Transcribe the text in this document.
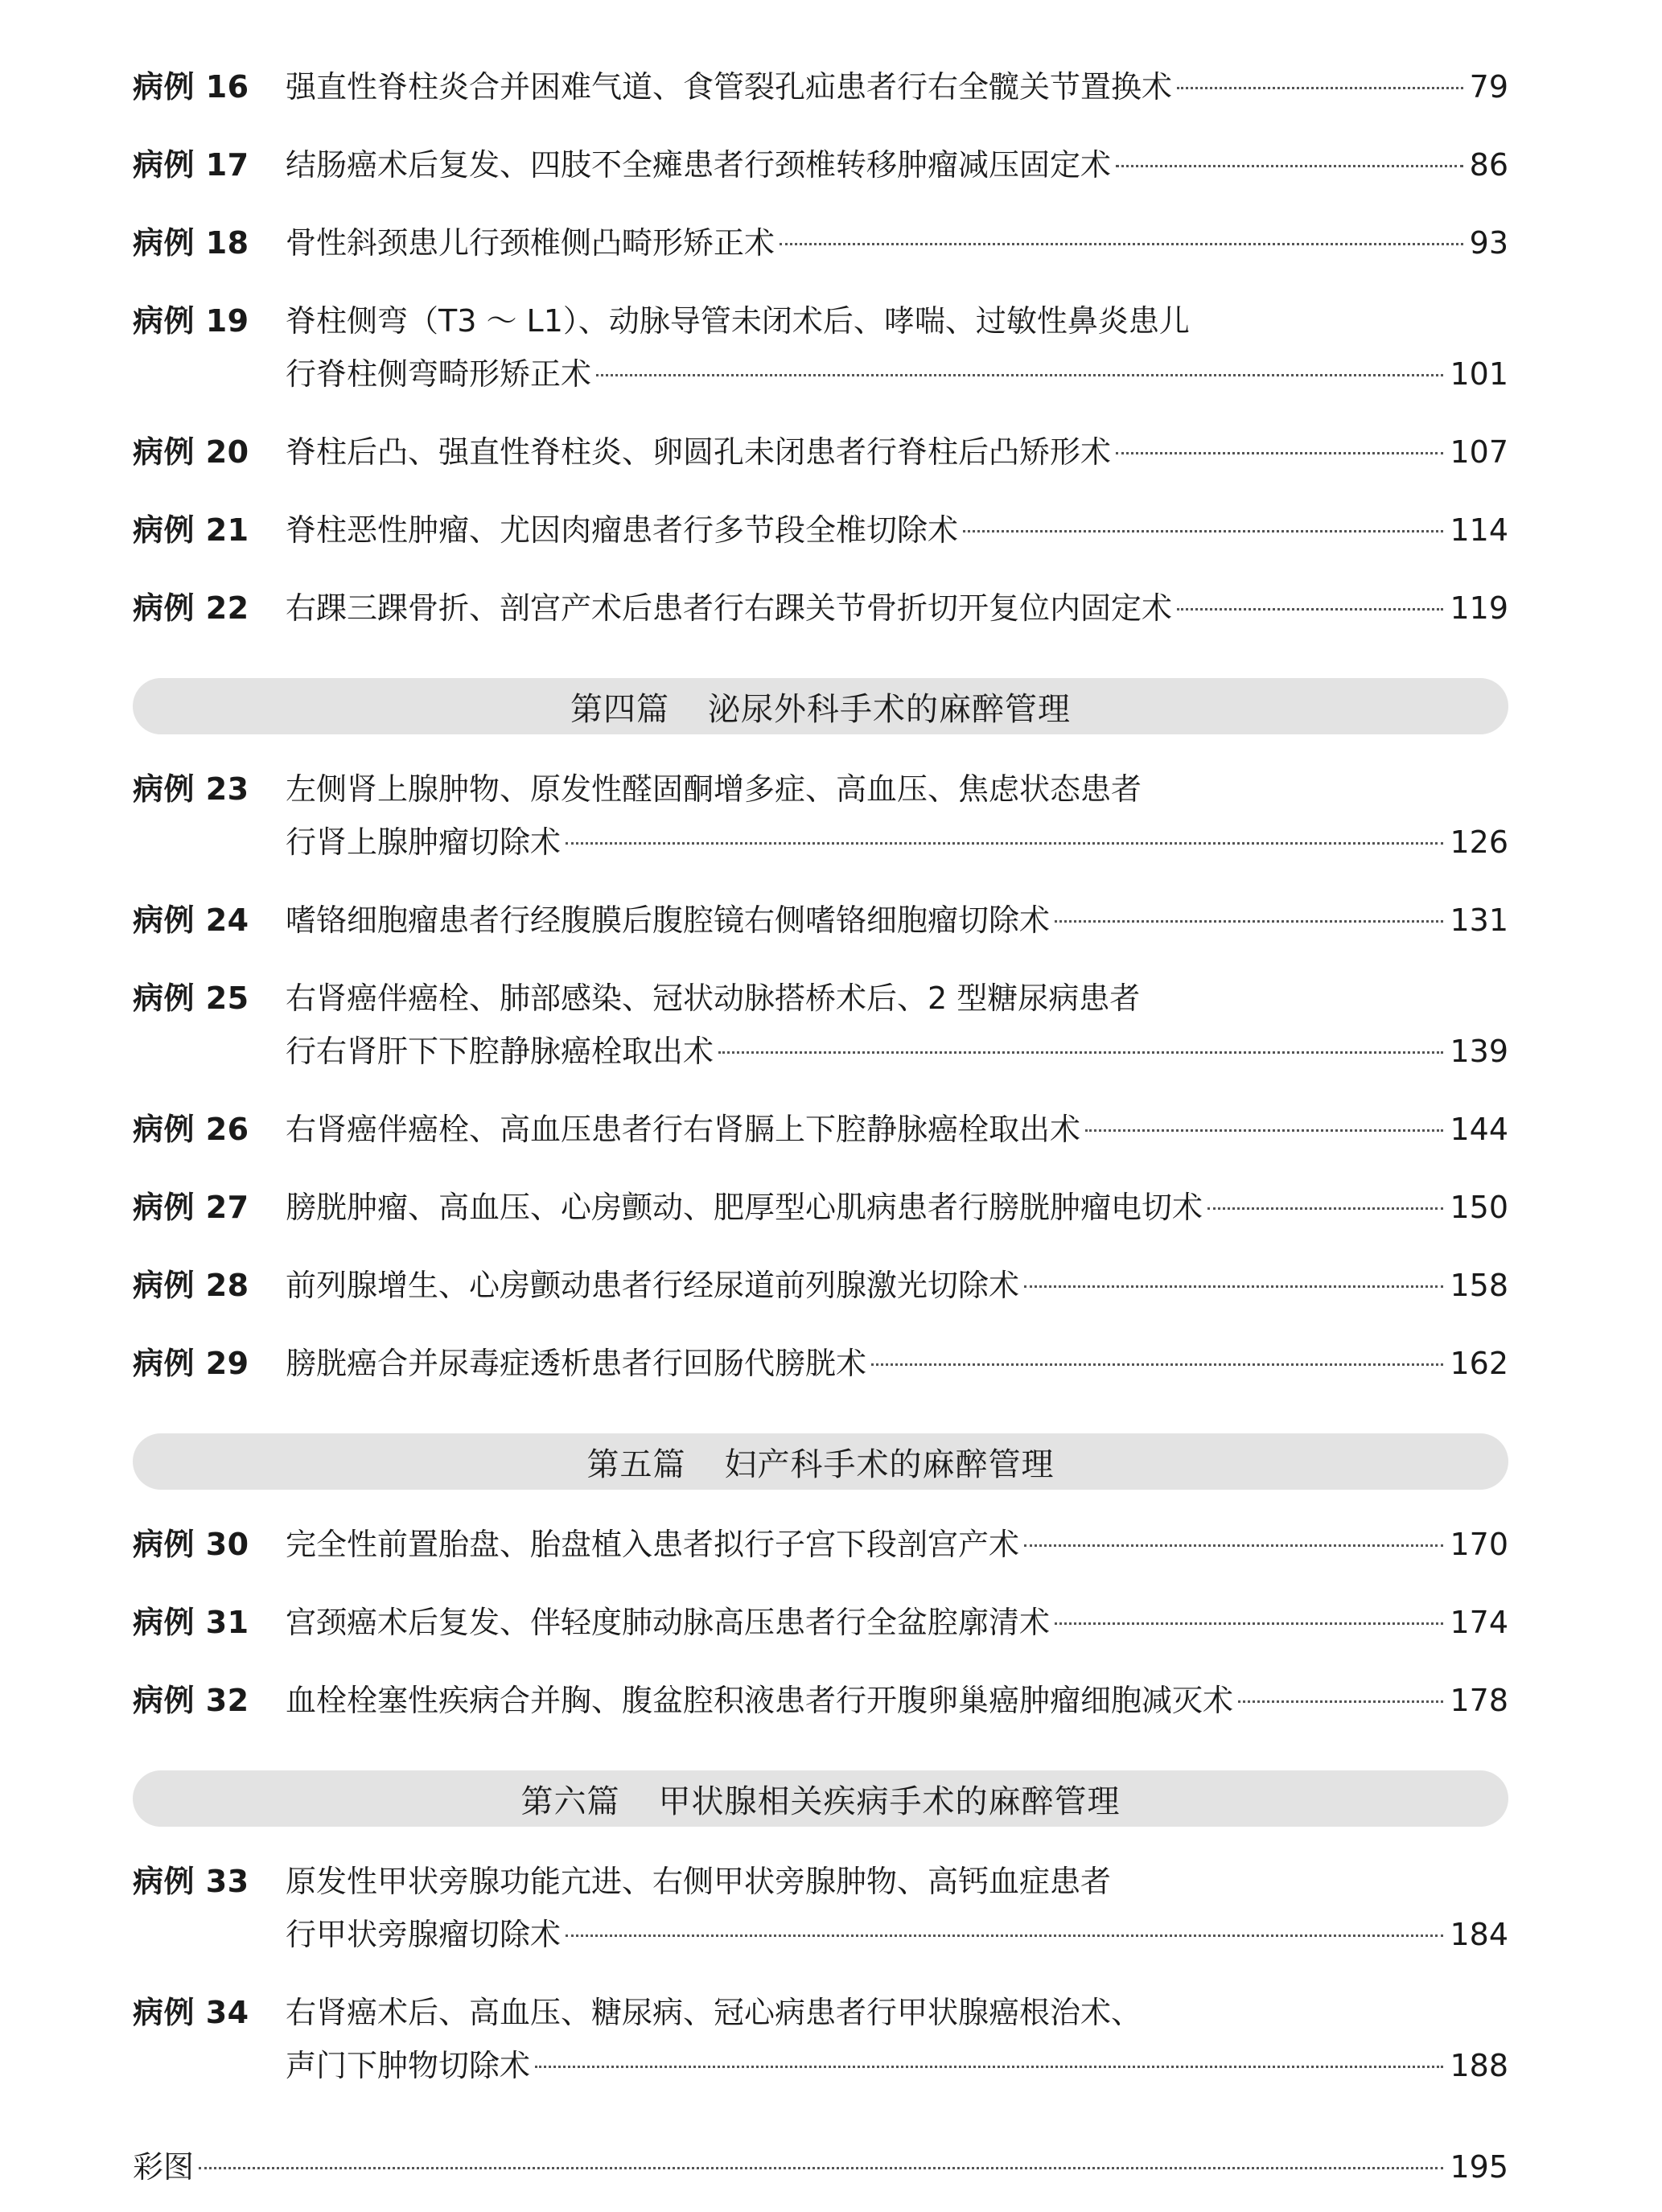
病例 16	强直性脊柱炎合并困难气道、食管裂孔疝患者行右全髋关节置换术	79
病例 17	结肠癌术后复发、四肢不全瘫患者行颈椎转移肿瘤减压固定术	86
病例 18	骨性斜颈患儿行颈椎侧凸畸形矫正术	93
病例 19	脊柱侧弯（T3 ～ L1）、动脉导管未闭术后、哮喘、过敏性鼻炎患儿
行脊柱侧弯畸形矫正术	101
病例 20	脊柱后凸、强直性脊柱炎、卵圆孔未闭患者行脊柱后凸矫形术	107
病例 21	脊柱恶性肿瘤、尤因肉瘤患者行多节段全椎切除术	114
病例 22	右踝三踝骨折、剖宫产术后患者行右踝关节骨折切开复位内固定术	119
第四篇 泌尿外科手术的麻醉管理
病例 23	左侧肾上腺肿物、原发性醛固酮增多症、高血压、焦虑状态患者
行肾上腺肿瘤切除术	126
病例 24	嗜铬细胞瘤患者行经腹膜后腹腔镜右侧嗜铬细胞瘤切除术	131
病例 25	右肾癌伴癌栓、肺部感染、冠状动脉搭桥术后、2 型糖尿病患者
行右肾肝下下腔静脉癌栓取出术	139
病例 26	右肾癌伴癌栓、高血压患者行右肾膈上下腔静脉癌栓取出术	144
病例 27	膀胱肿瘤、高血压、心房颤动、肥厚型心肌病患者行膀胱肿瘤电切术	150
病例 28	前列腺增生、心房颤动患者行经尿道前列腺激光切除术	158
病例 29	膀胱癌合并尿毒症透析患者行回肠代膀胱术	162
第五篇 妇产科手术的麻醉管理
病例 30	完全性前置胎盘、胎盘植入患者拟行子宫下段剖宫产术	170
病例 31	宫颈癌术后复发、伴轻度肺动脉高压患者行全盆腔廓清术	174
病例 32	血栓栓塞性疾病合并胸、腹盆腔积液患者行开腹卵巢癌肿瘤细胞减灭术	178
第六篇 甲状腺相关疾病手术的麻醉管理
病例 33	原发性甲状旁腺功能亢进、右侧甲状旁腺肿物、高钙血症患者
行甲状旁腺瘤切除术	184
病例 34	右肾癌术后、高血压、糖尿病、冠心病患者行甲状腺癌根治术、
声门下肿物切除术	188
彩图	195
